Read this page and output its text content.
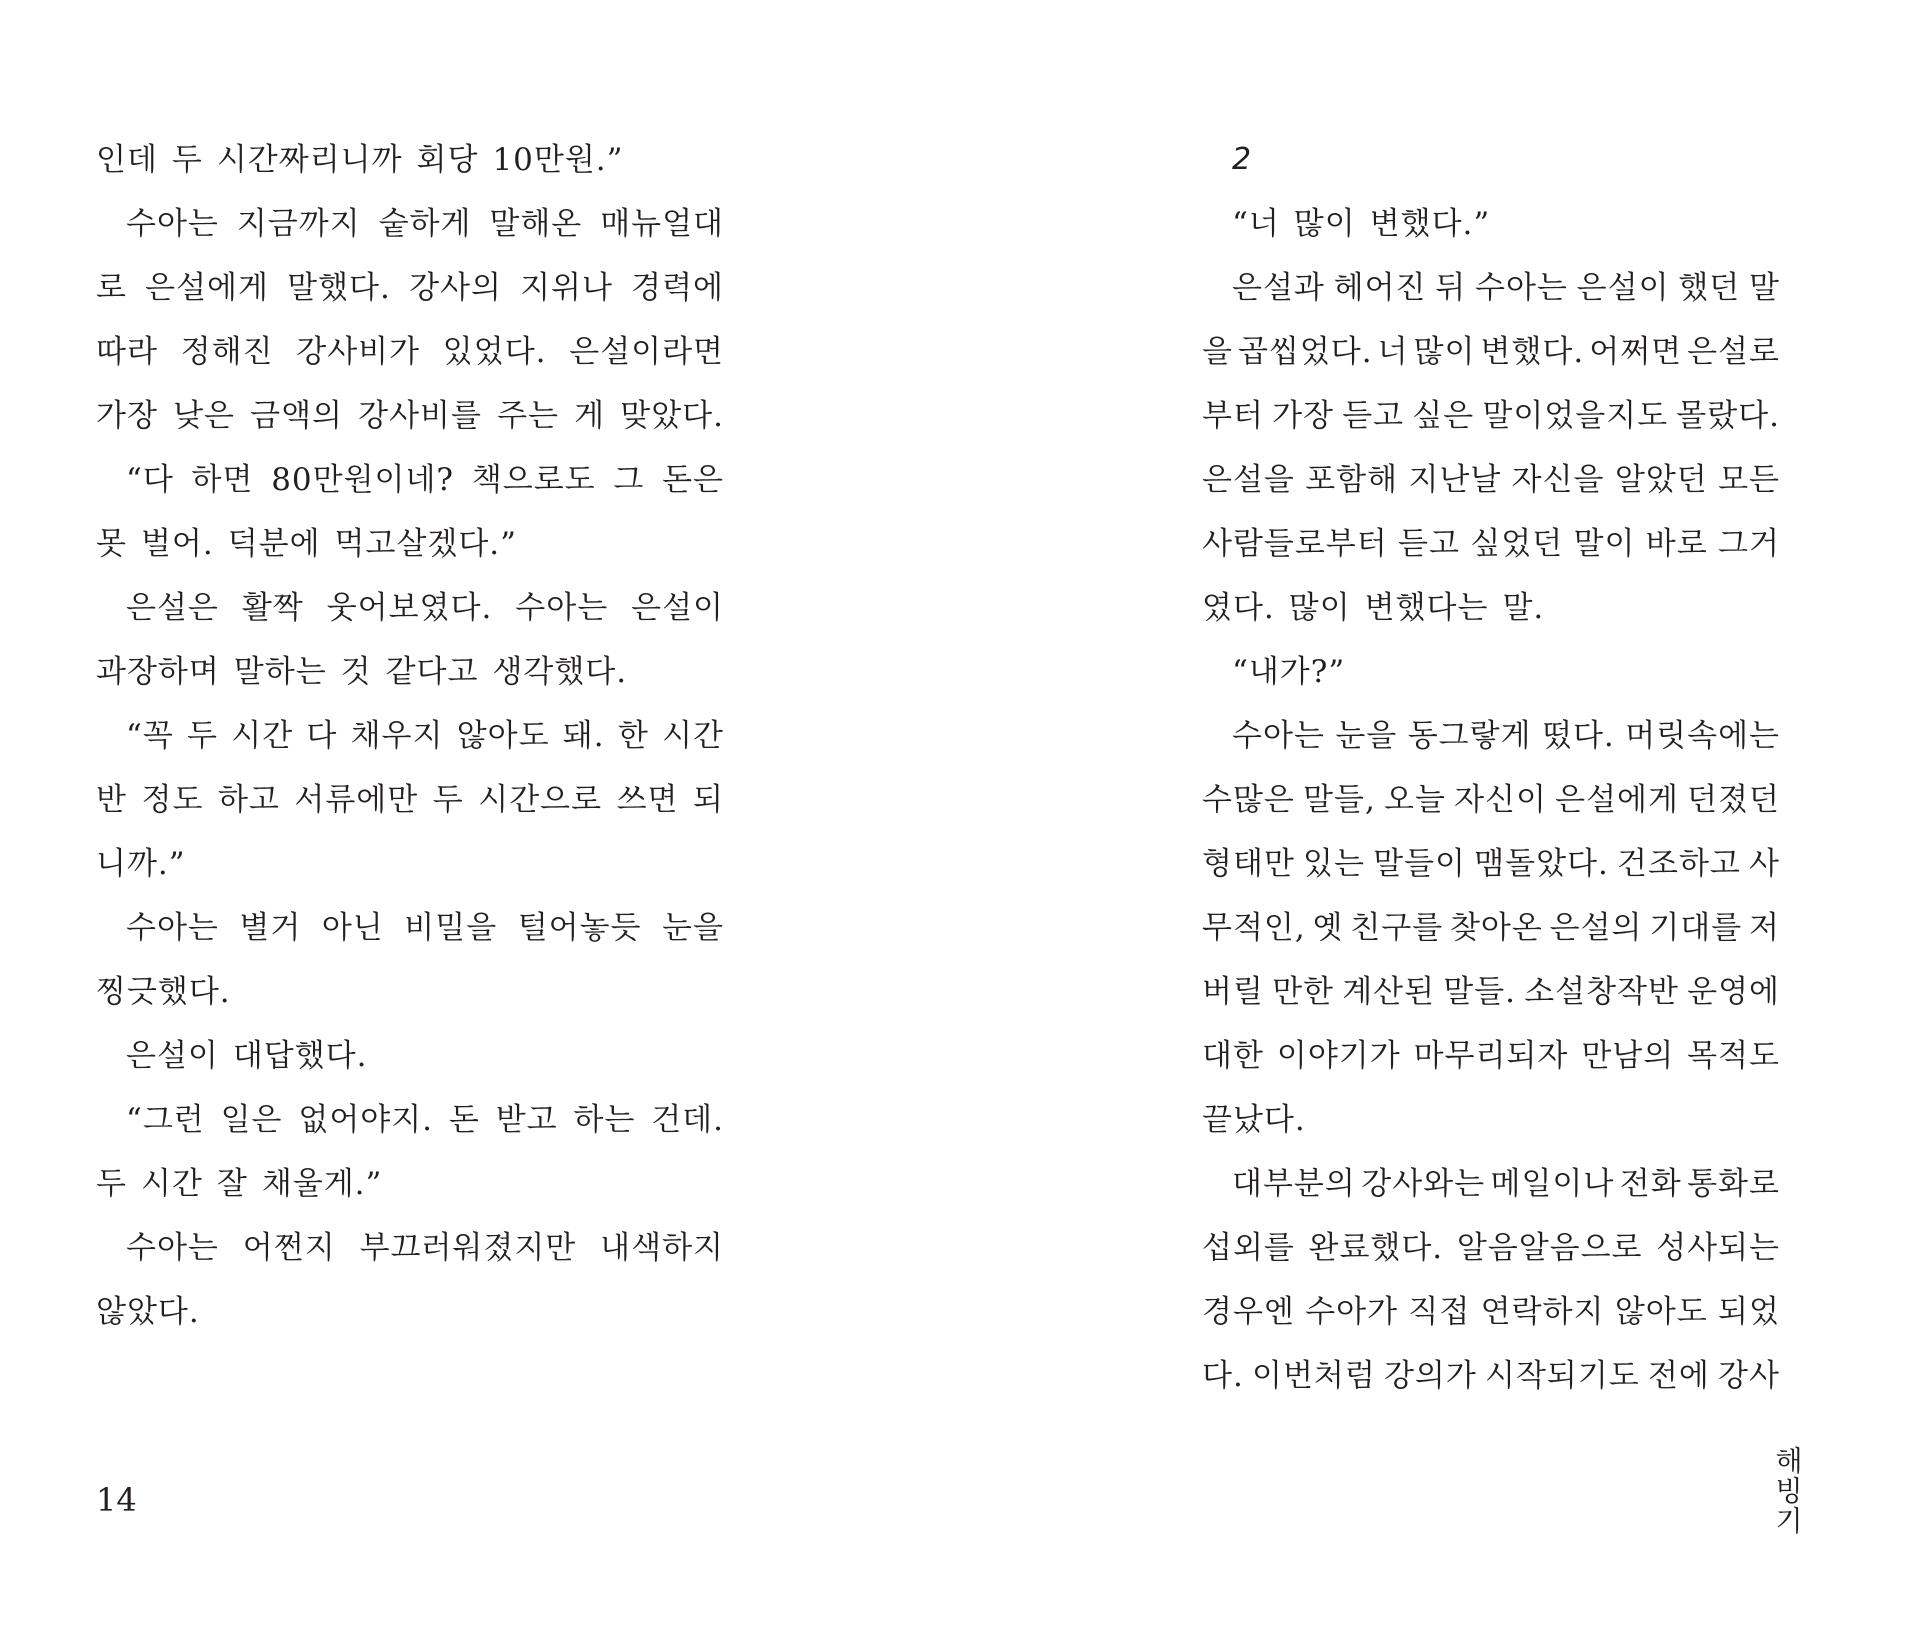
인데 두 시간짜리니까 회당 10만원.”
수아는 지금까지 숱하게 말해온 매뉴얼대
로 은설에게 말했다. 강사의 지위나 경력에
따라 정해진 강사비가 있었다. 은설이라면
가장 낮은 금액의 강사비를 주는 게 맞았다.
“다 하면 80만원이네? 책으로도 그 돈은
못 벌어. 덕분에 먹고살겠다.”
은설은 활짝 웃어보였다. 수아는 은설이
과장하며 말하는 것 같다고 생각했다.
“꼭 두 시간 다 채우지 않아도 돼. 한 시간
반 정도 하고 서류에만 두 시간으로 쓰면 되
니까.”
수아는 별거 아닌 비밀을 털어놓듯 눈을
찡긋했다.
은설이 대답했다.
“그런 일은 없어야지. 돈 받고 하는 건데.
두 시간 잘 채울게.”
수아는 어쩐지 부끄러워졌지만 내색하지
않았다.
14
2
“너 많이 변했다.”
은설과 헤어진 뒤 수아는 은설이 했던 말
을 곱씹었다. 너 많이 변했다. 어쩌면 은설로
부터 가장 듣고 싶은 말이었을지도 몰랐다.
은설을 포함해 지난날 자신을 알았던 모든
사람들로부터 듣고 싶었던 말이 바로 그거
였다. 많이 변했다는 말.
“내가?”
수아는 눈을 동그랗게 떴다. 머릿속에는
수많은 말들, 오늘 자신이 은설에게 던졌던
형태만 있는 말들이 맴돌았다. 건조하고 사
무적인, 옛 친구를 찾아온 은설의 기대를 저
버릴 만한 계산된 말들. 소설창작반 운영에
대한 이야기가 마무리되자 만남의 목적도
끝났다.
대부분의 강사와는 메일이나 전화 통화로
섭외를 완료했다. 알음알음으로 성사되는
경우엔 수아가 직접 연락하지 않아도 되었
다. 이번처럼 강의가 시작되기도 전에 강사
해빙기
